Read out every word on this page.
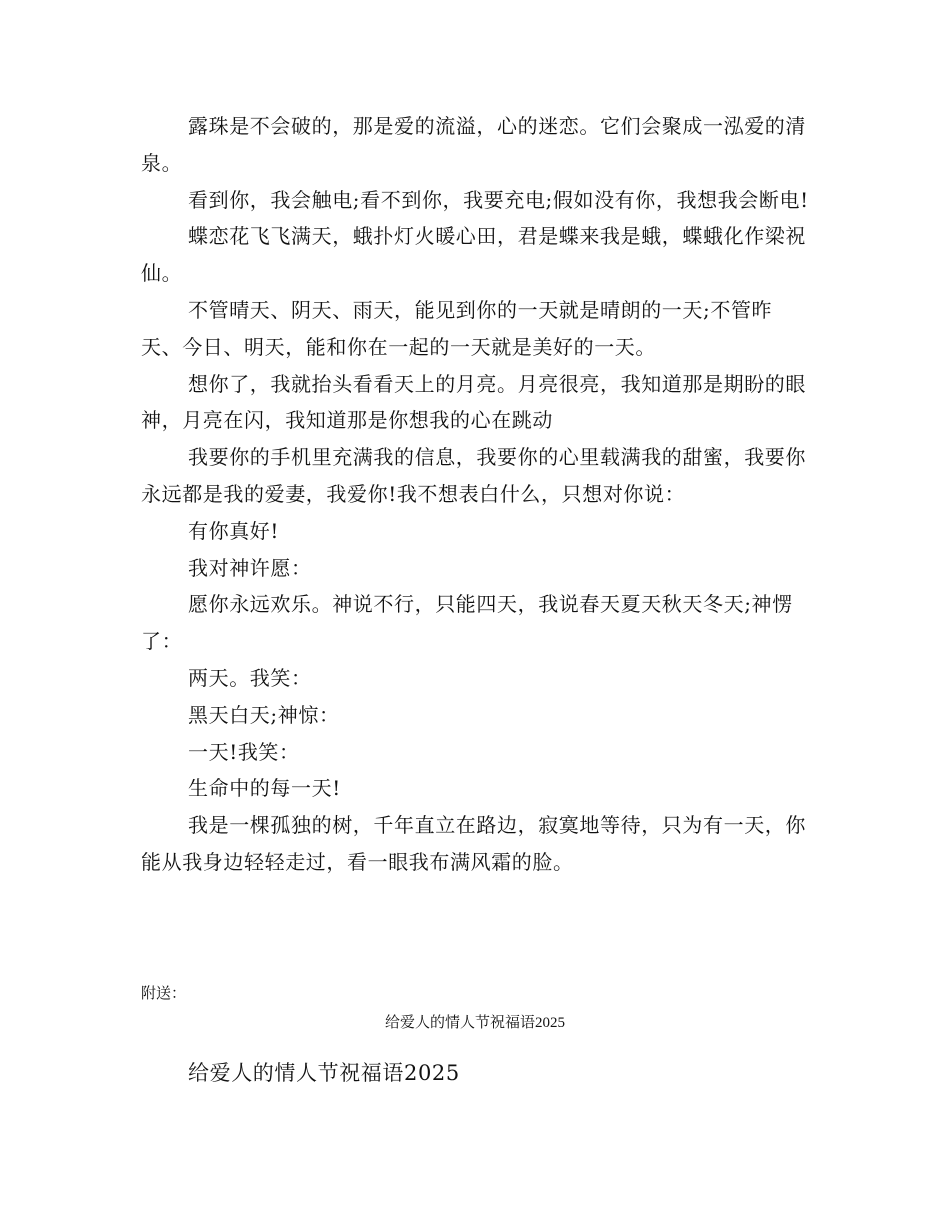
露珠是不会破的，那是爱的流溢，心的迷恋。它们会聚成一泓爱的清泉。

看到你，我会触电;看不到你，我要充电;假如没有你，我想我会断电!

蝶恋花飞飞满天，蛾扑灯火暖心田，君是蝶来我是蛾，蝶蛾化作梁祝仙。

不管晴天、阴天、雨天，能见到你的一天就是晴朗的一天;不管昨天、今日、明天，能和你在一起的一天就是美好的一天。

想你了，我就抬头看看天上的月亮。月亮很亮，我知道那是期盼的眼神，月亮在闪，我知道那是你想我的心在跳动

我要你的手机里充满我的信息，我要你的心里载满我的甜蜜，我要你永远都是我的爱妻，我爱你!我不想表白什么，只想对你说：

有你真好!

我对神许愿：

愿你永远欢乐。神说不行，只能四天，我说春天夏天秋天冬天;神愣了：

两天。我笑：

黑天白天;神惊：

一天!我笑：

生命中的每一天!

我是一棵孤独的树，千年直立在路边，寂寞地等待，只为有一天，你能从我身边轻轻走过，看一眼我布满风霜的脸。

附送：
给爱人的情人节祝福语2025
给爱人的情人节祝福语2025
